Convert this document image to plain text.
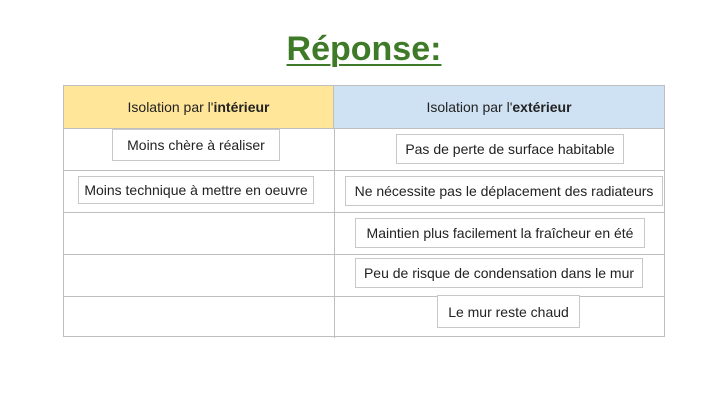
Réponse:
Isolation par l' intérieur	Isolation par l' extérieur
Moins chère à réaliser
Moins technique à mettre en oeuvre
Pas de perte de surface habitable
Ne nécessite pas le déplacement des radiateurs
Maintien plus facilement la fraîcheur en été
Peu de risque de condensation dans le mur
Le mur reste chaud
